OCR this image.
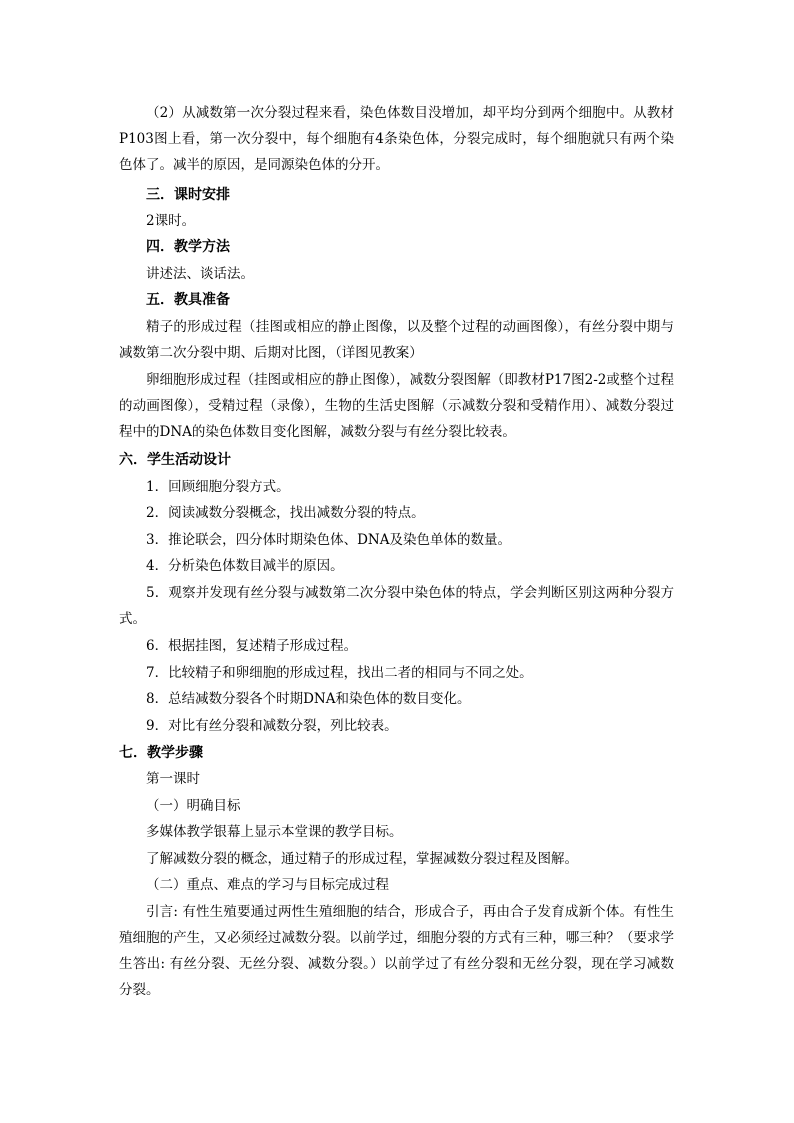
（2）从减数第一次分裂过程来看，染色体数目没增加，却平均分到两个细胞中。从教材P103图上看，第一次分裂中，每个细胞有4条染色体，分裂完成时，每个细胞就只有两个染色体了。减半的原因，是同源染色体的分开。

三．课时安排

2课时。

四．教学方法

讲述法、谈话法。

五．教具准备

精子的形成过程（挂图或相应的静止图像，以及整个过程的动画图像），有丝分裂中期与减数第二次分裂中期、后期对比图，（详图见教案）

卵细胞形成过程（挂图或相应的静止图像），减数分裂图解（即教材P17图2-2或整个过程的动画图像），受精过程（录像），生物的生活史图解（示减数分裂和受精作用）、减数分裂过程中的DNA的染色体数目变化图解，减数分裂与有丝分裂比较表。

六．学生活动设计

1．回顾细胞分裂方式。

2．阅读减数分裂概念，找出减数分裂的特点。

3．推论联会，四分体时期染色体、DNA及染色单体的数量。

4．分析染色体数目减半的原因。

5．观察并发现有丝分裂与减数第二次分裂中染色体的特点，学会判断区别这两种分裂方式。

6．根据挂图，复述精子形成过程。

7．比较精子和卵细胞的形成过程，找出二者的相同与不同之处。

8．总结减数分裂各个时期DNA和染色体的数目变化。

9．对比有丝分裂和减数分裂，列比较表。

七．教学步骤

第一课时

（一）明确目标

多媒体教学银幕上显示本堂课的教学目标。

了解减数分裂的概念，通过精子的形成过程，掌握减数分裂过程及图解。

（二）重点、难点的学习与目标完成过程

引言: 有性生殖要通过两性生殖细胞的结合，形成合子，再由合子发育成新个体。有性生殖细胞的产生，又必须经过减数分裂。以前学过，细胞分裂的方式有三种，哪三种？（要求学生答出: 有丝分裂、无丝分裂、减数分裂。）以前学过了有丝分裂和无丝分裂，现在学习减数分裂。
